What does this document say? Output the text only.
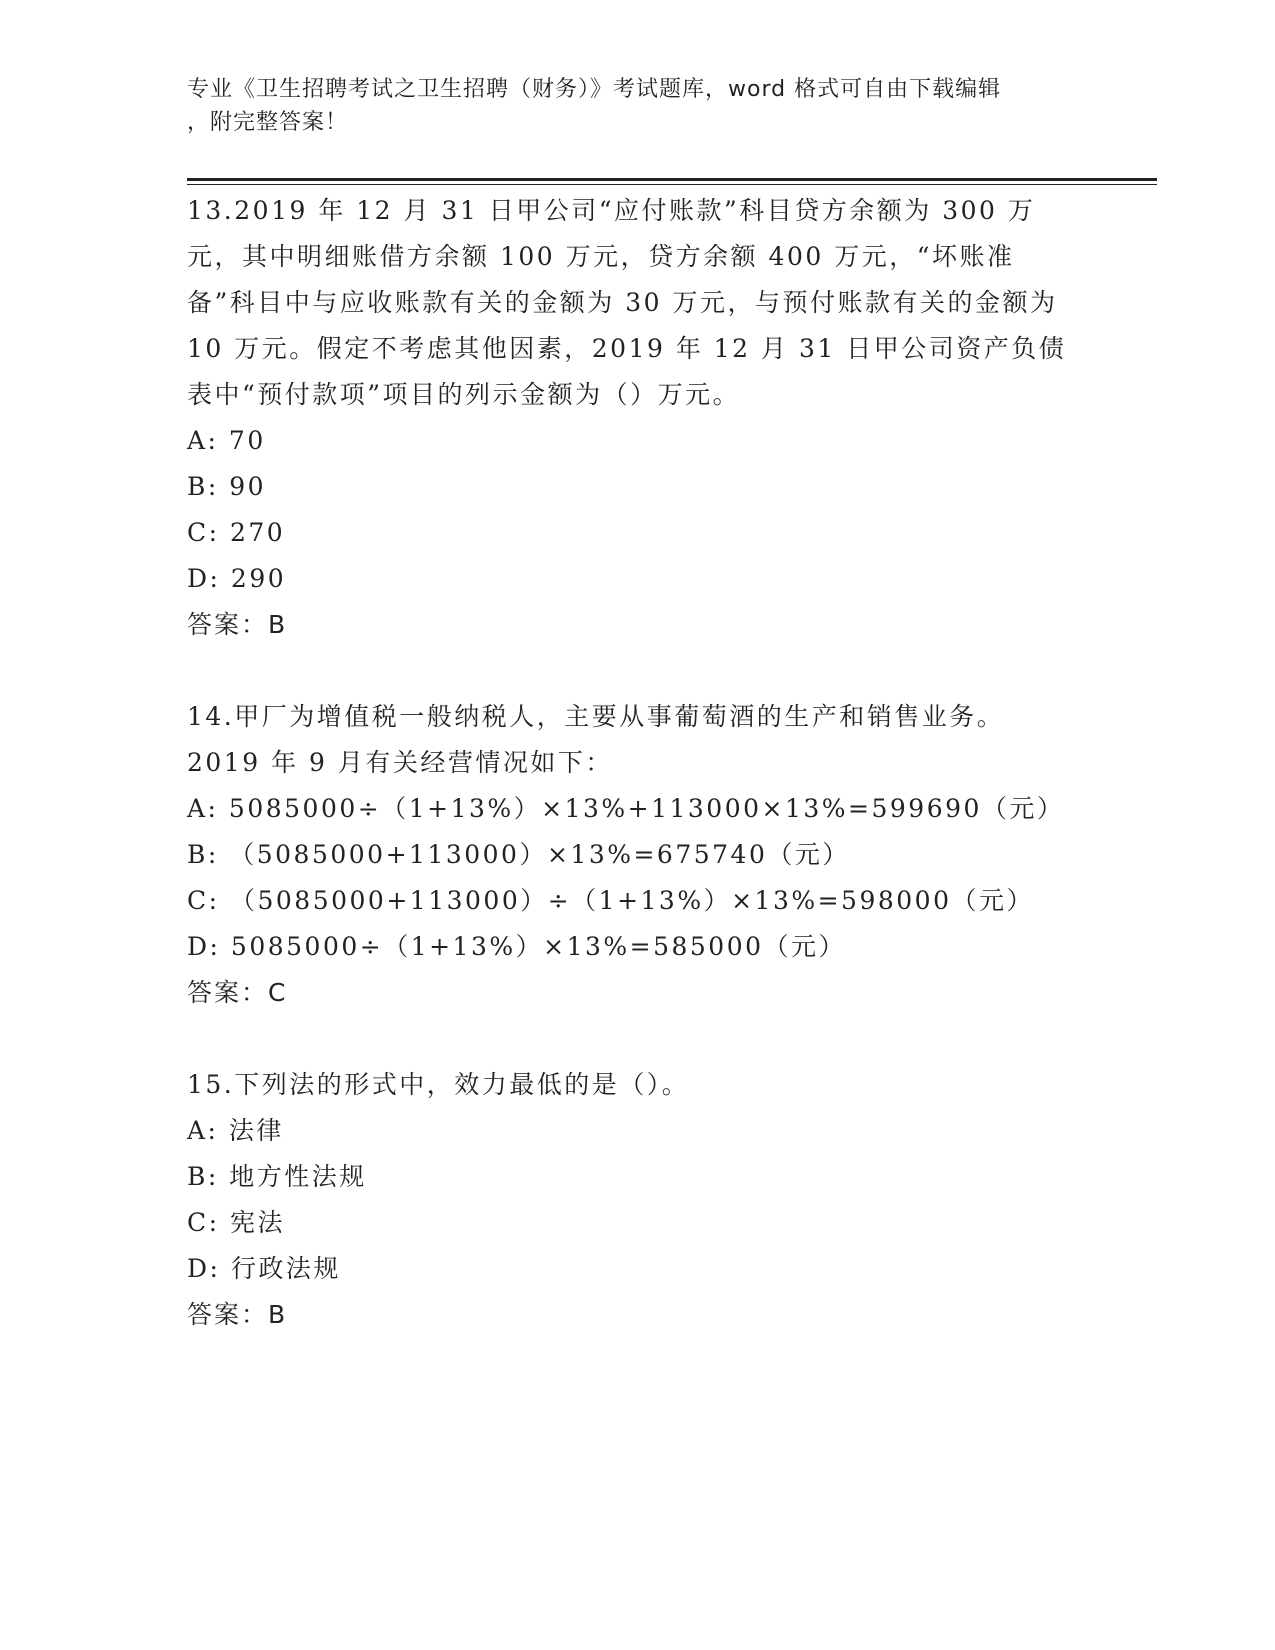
专业《卫生招聘考试之卫生招聘（财务）》考试题库，word 格式可自由下载编辑
，附完整答案！

13.2019 年 12 月 31 日甲公司“应付账款”科目贷方余额为 300 万元，其中明细账借方余额 100 万元，贷方余额 400 万元，“坏账准备”科目中与应收账款有关的金额为 30 万元，与预付账款有关的金额为 10 万元。假定不考虑其他因素，2019 年 12 月 31 日甲公司资产负债表中“预付款项”项目的列示金额为（）万元。

A: 70

B: 90

C: 270

D: 290

答案：B

14.甲厂为增值税一般纳税人，主要从事葡萄酒的生产和销售业务。2019 年 9 月有关经营情况如下：

A: 5085000÷（1+13%）×13%+113000×13%=599690（元）

B: （5085000+113000）×13%=675740（元）

C: （5085000+113000）÷（1+13%）×13%=598000（元）

D: 5085000÷（1+13%）×13%=585000（元）

答案：C

15.下列法的形式中，效力最低的是（）。

A: 法律

B: 地方性法规

C: 宪法

D: 行政法规

答案：B
